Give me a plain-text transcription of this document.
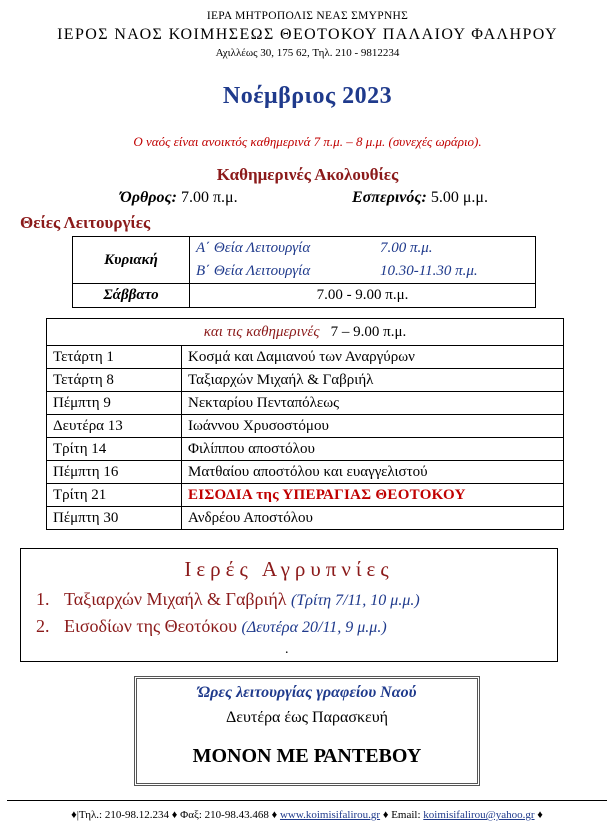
ΙΕΡΑ ΜΗΤΡΟΠΟΛΙΣ ΝΕΑΣ ΣΜΥΡΝΗΣ
ΙΕΡΟΣ ΝΑΟΣ ΚΟΙΜΗΣΕΩΣ ΘΕΟΤΟΚΟΥ ΠΑΛΑΙΟΥ ΦΑΛΗΡΟΥ
Αχιλλέως 30, 175 62, Τηλ. 210 - 9812234
Νοέμβριος 2023
Ο ναός είναι ανοικτός καθημερινά 7 π.μ. – 8 μ.μ. (συνεχές ωράριο).
Καθημερινές Ακολουθίες
Όρθρος: 7.00 π.μ.	Εσπερινός: 5.00 μ.μ.
Θείες Λειτουργίες
Κυριακή	Α΄ Θεία Λειτουργία 7.00 π.μ.
Β΄ Θεία Λειτουργία 10.30-11.30 π.μ.

Σάββατο	7.00 - 9.00 π.μ.
και τις καθημερινές 7 – 9.00 π.μ.	
Τετάρτη 1	Κοσμά και Δαμιανού των Αναργύρων
Τετάρτη 8	Ταξιαρχών Μιχαήλ & Γαβριήλ
Πέμπτη 9	Νεκταρίου Πενταπόλεως
Δευτέρα 13	Ιωάννου Χρυσοστόμου
Τρίτη 14	Φιλίππου αποστόλου
Πέμπτη 16	Ματθαίου αποστόλου και ευαγγελιστού
Τρίτη 21	ΕΙΣΟΔΙΑ της ΥΠΕΡΑΓΙΑΣ ΘΕΟΤΟΚΟΥ
Πέμπτη 30	Ανδρέου Αποστόλου
Ιερές Αγρυπνίες
1. Ταξιαρχών Μιχαήλ & Γαβριήλ (Τρίτη 7/11, 10 μ.μ.)
2. Εισοδίων της Θεοτόκου (Δευτέρα 20/11, 9 μ.μ.)
.
Ώρες λειτουργίας γραφείου Ναού
Δευτέρα έως Παρασκευή
ΜΟΝΟΝ ΜΕ ΡΑΝΤΕΒΟΥ
♦|Τηλ.: 210-98.12.234 ♦ Φαξ: 210-98.43.468 ♦ www.koimisifalirou.gr ♦ Email: koimisifalirou@yahoo.gr ♦
